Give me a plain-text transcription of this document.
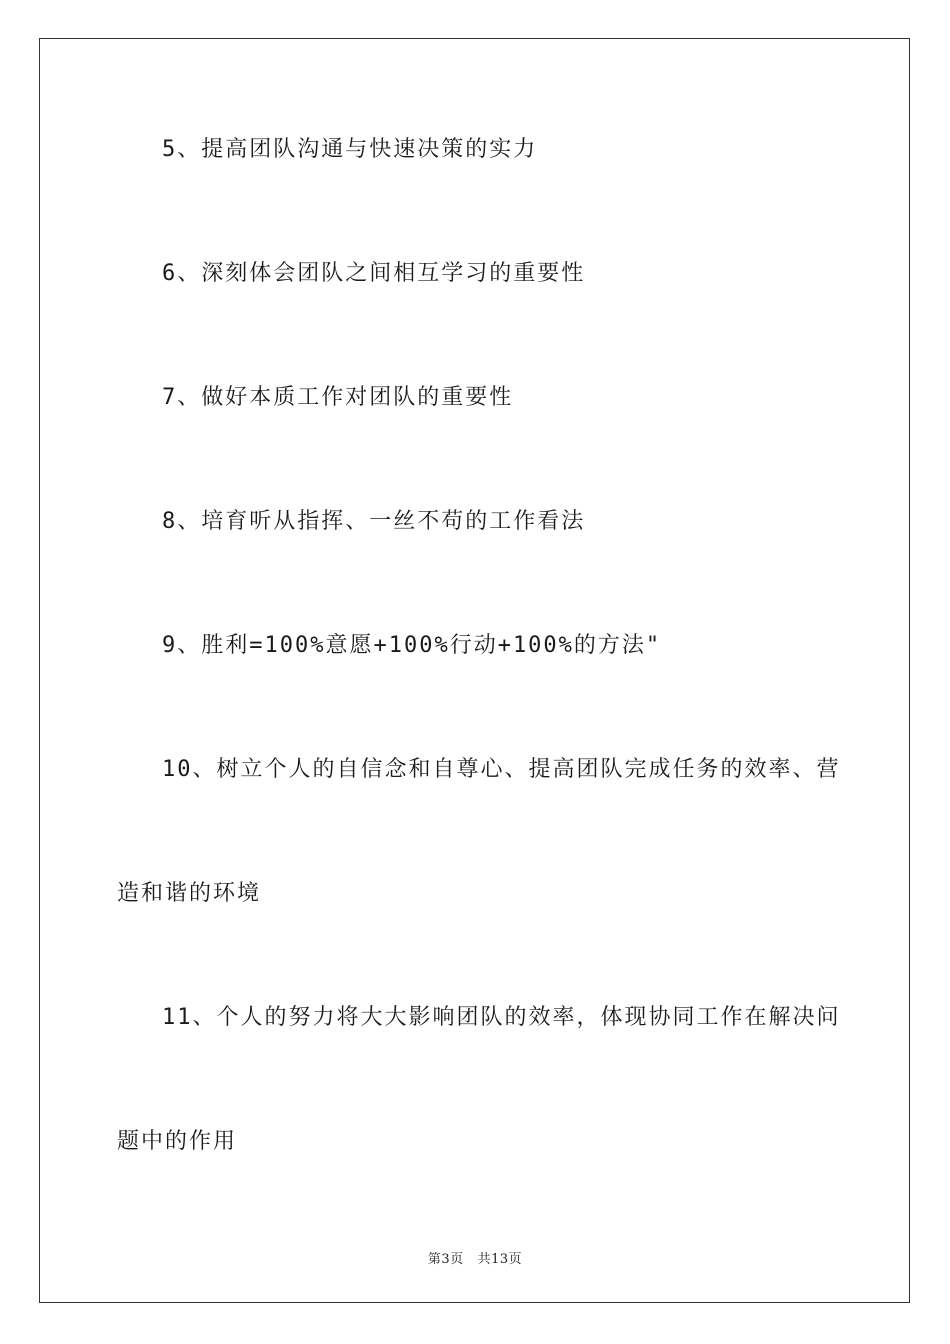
5、提高团队沟通与快速决策的实力
6、深刻体会团队之间相互学习的重要性
7、做好本质工作对团队的重要性
8、培育听从指挥、一丝不苟的工作看法
9、胜利=100%意愿+100%行动+100%的方法"
10、树立个人的自信念和自尊心、提高团队完成任务的效率、营
造和谐的环境
11、个人的努力将大大影响团队的效率，体现协同工作在解决问
题中的作用
第3页 共13页
